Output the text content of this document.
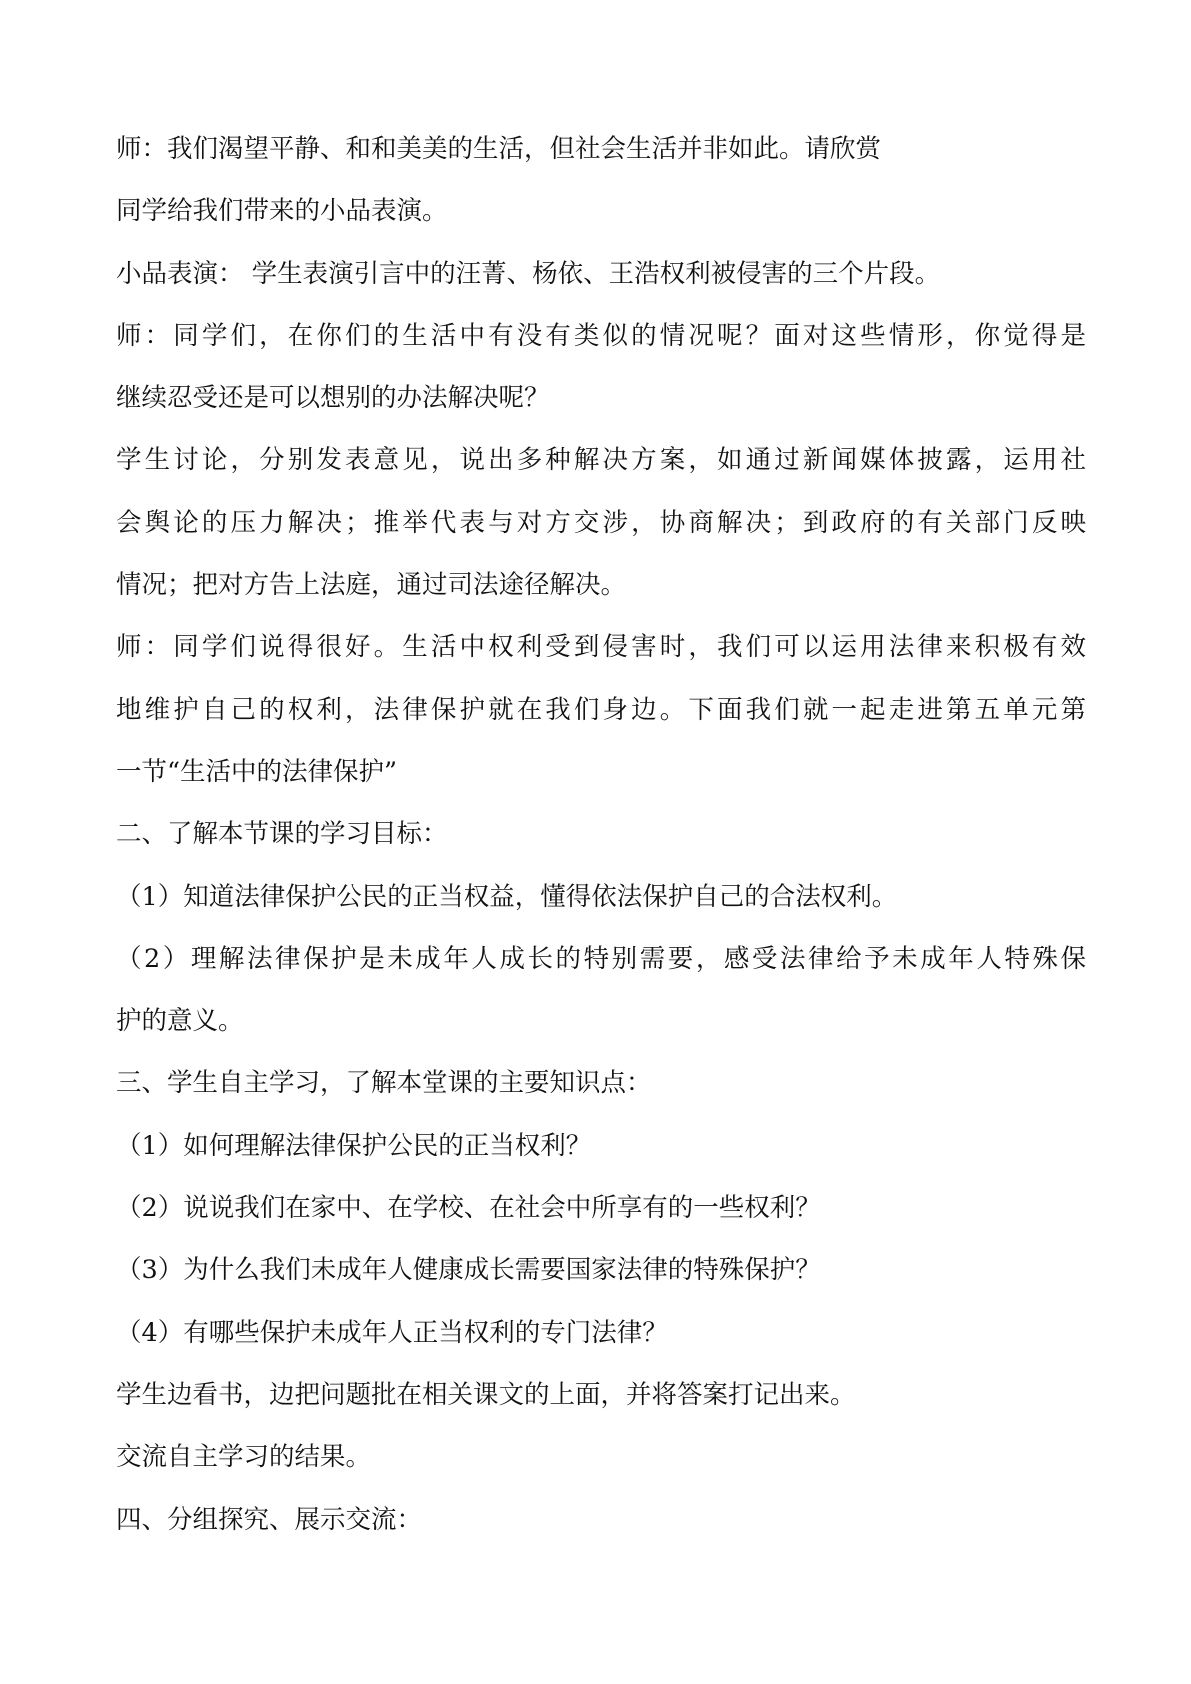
师：我们渴望平静、和和美美的生活，但社会生活并非如此。请欣赏

同学给我们带来的小品表演。

小品表演： 学生表演引言中的汪菁、杨依、王浩权利被侵害的三个片段。

师：同学们，在你们的生活中有没有类似的情况呢？面对这些情形，你觉得是

继续忍受还是可以想别的办法解决呢？

学生讨论，分别发表意见，说出多种解决方案，如通过新闻媒体披露，运用社

会舆论的压力解决；推举代表与对方交涉，协商解决；到政府的有关部门反映

情况；把对方告上法庭，通过司法途径解决。

师：同学们说得很好。生活中权利受到侵害时，我们可以运用法律来积极有效

地维护自己的权利，法律保护就在我们身边。下面我们就一起走进第五单元第

一节“生活中的法律保护”

二、了解本节课的学习目标：

（1）知道法律保护公民的正当权益，懂得依法保护自己的合法权利。

（2）理解法律保护是未成年人成长的特别需要，感受法律给予未成年人特殊保

护的意义。

三、学生自主学习，了解本堂课的主要知识点：

（1）如何理解法律保护公民的正当权利？

（2）说说我们在家中、在学校、在社会中所享有的一些权利？

（3）为什么我们未成年人健康成长需要国家法律的特殊保护？

（4）有哪些保护未成年人正当权利的专门法律？

学生边看书，边把问题批在相关课文的上面，并将答案打记出来。

交流自主学习的结果。

四、分组探究、展示交流：
